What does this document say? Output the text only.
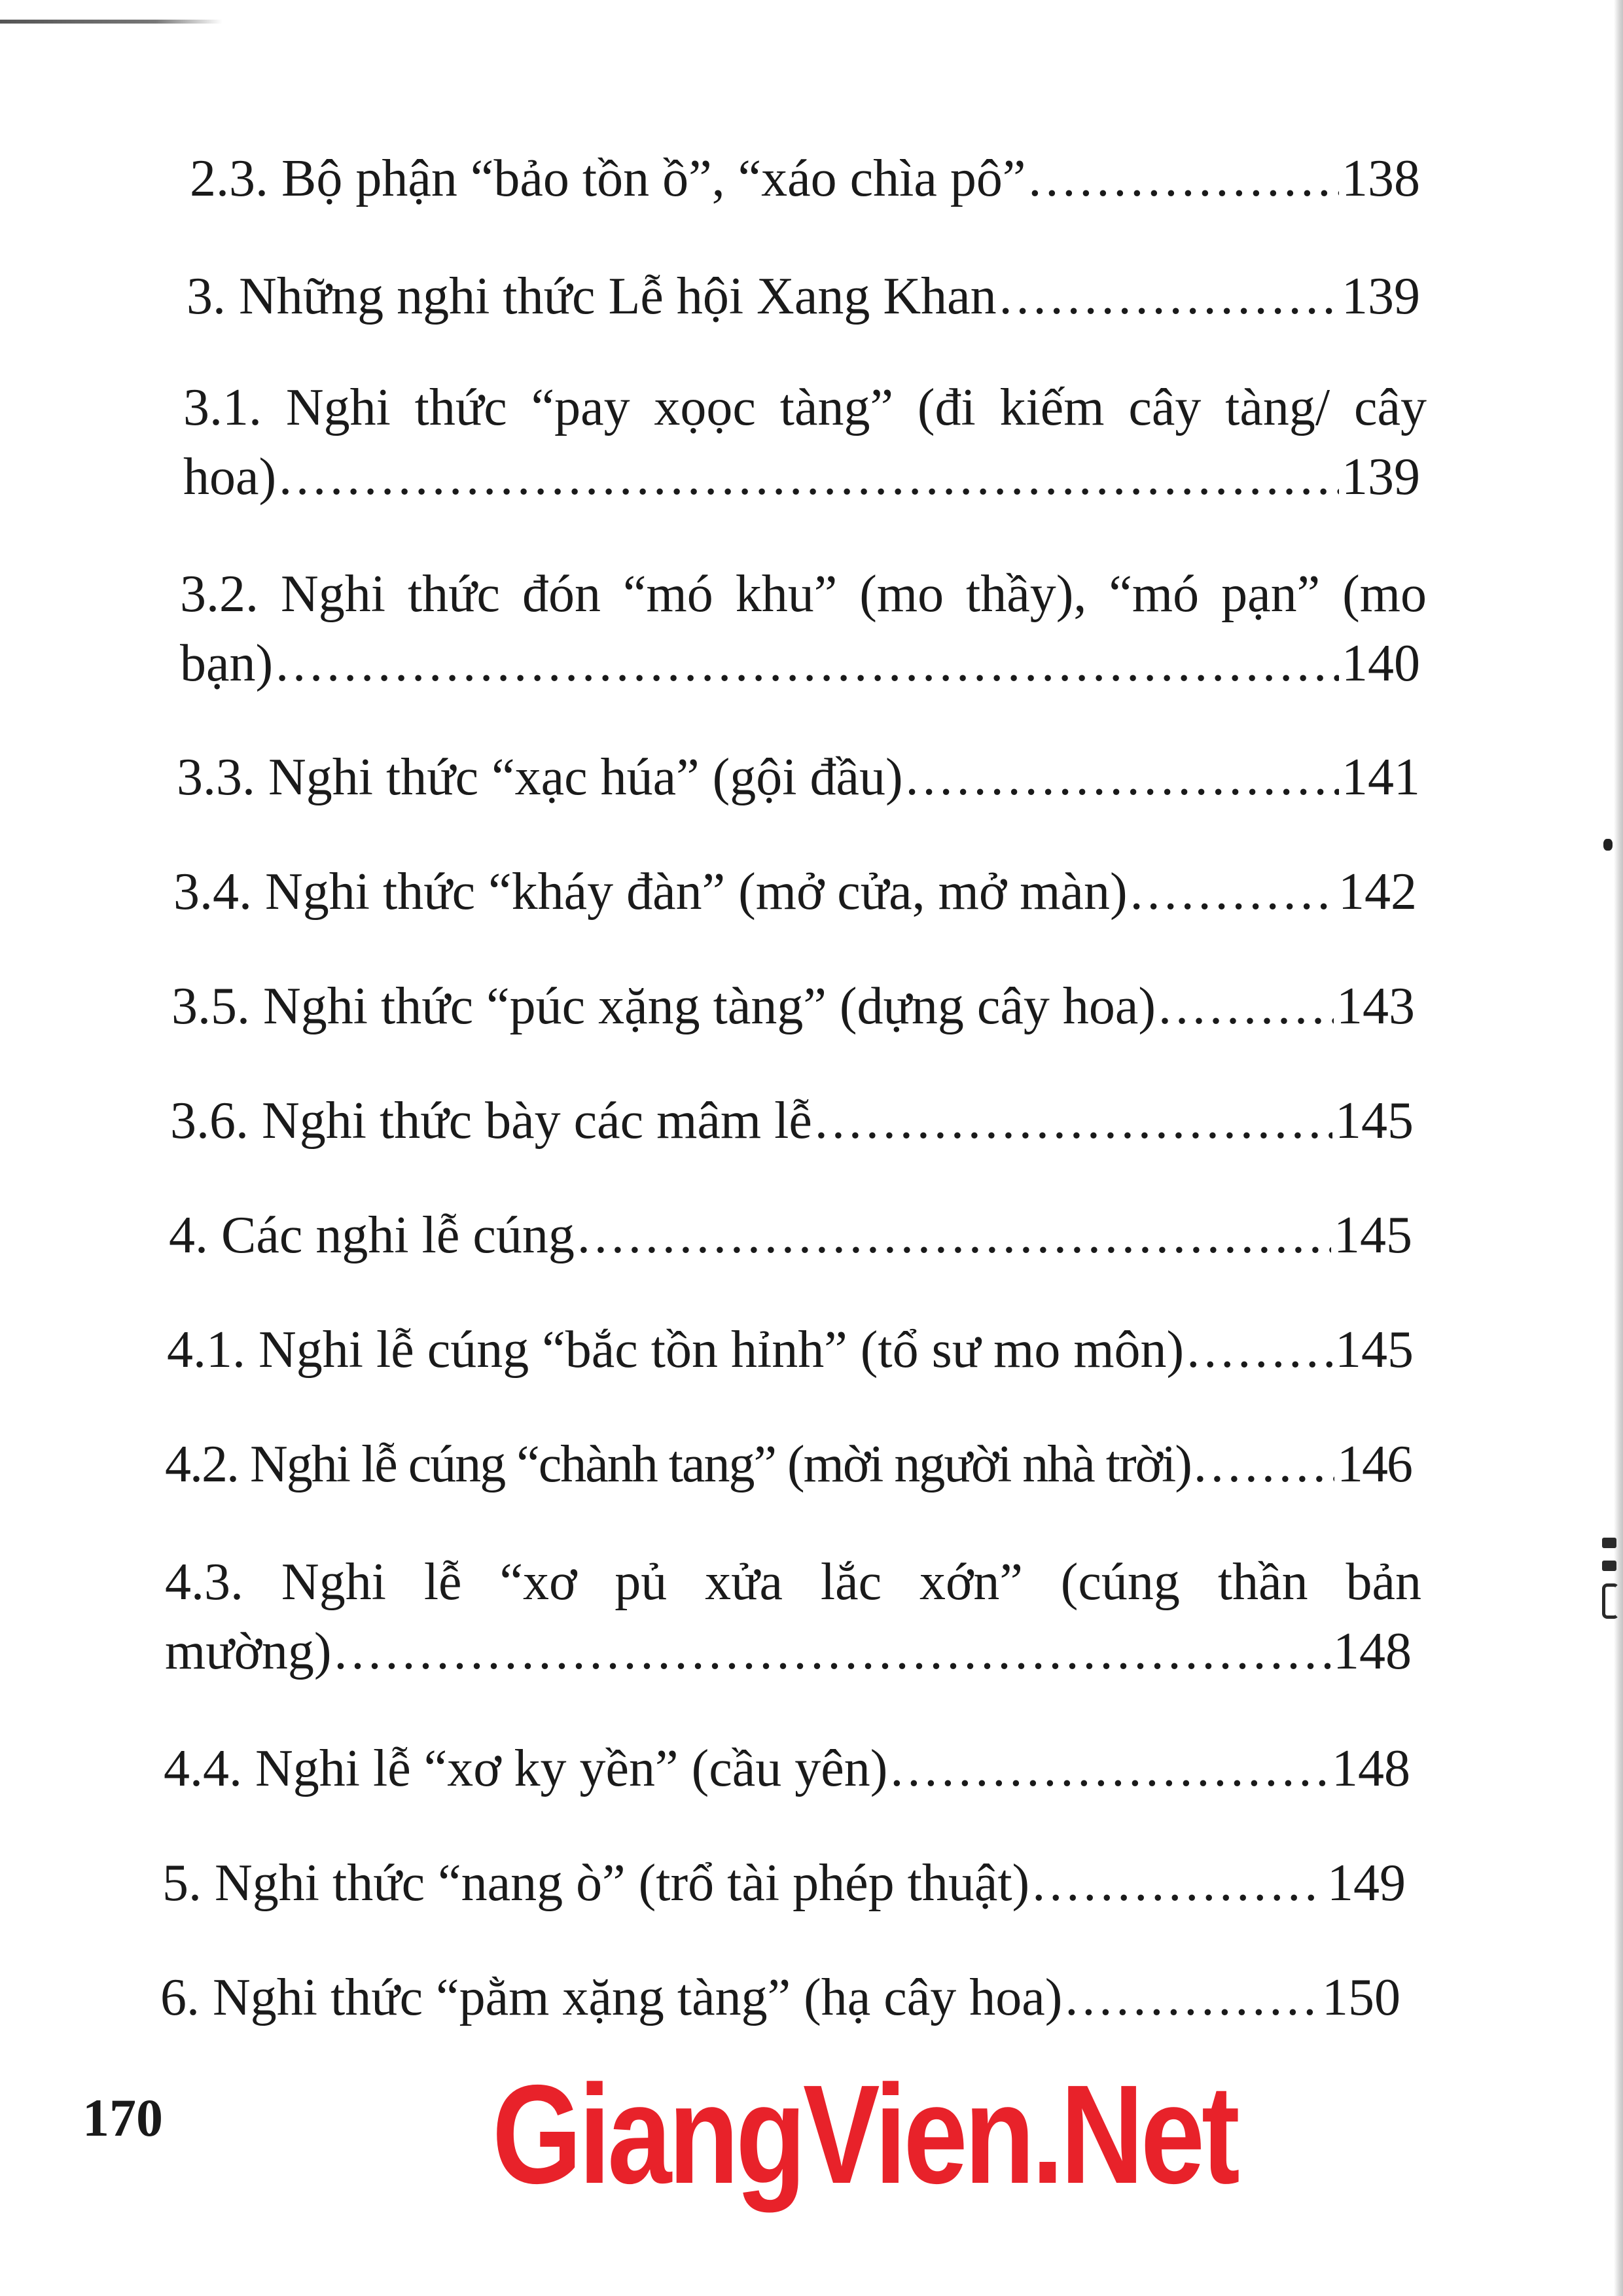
2.3. Bộ phận “bảo tồn ồ”, “xáo chìa pô” .....	138
3. Những nghi thức Lễ hội Xang Khan .....	139
3.1. Nghi thức “pay xọọc tàng” (đi kiếm cây tàng/ cây
hoa) .....	139
3.2. Nghi thức đón “mó khu” (mo thầy), “mó pạn” (mo
bạn) .....	140
3.3. Nghi thức “xạc húa” (gội đầu) .....	141
3.4. Nghi thức “kháy đàn” (mở cửa, mở màn) .....	142
3.5. Nghi thức “púc xặng tàng” (dựng cây hoa) .....	143
3.6. Nghi thức bày các mâm lễ .....	145
4. Các nghi lễ cúng .....	145
4.1. Nghi lễ cúng “bắc tồn hỉnh” (tổ sư mo môn) .....	145
4.2. Nghi lễ cúng “chành tang” (mời người nhà trời) .....	146
4.3. Nghi lễ “xơ pủ xửa lắc xớn” (cúng thần bản
mường) .....	148
4.4. Nghi lễ “xơ ky yền” (cầu yên) .....	148
5. Nghi thức “nang ò” (trổ tài phép thuật) .....	149
6. Nghi thức “pằm xặng tàng” (hạ cây hoa) .....	150
170 GiangVien.Net
